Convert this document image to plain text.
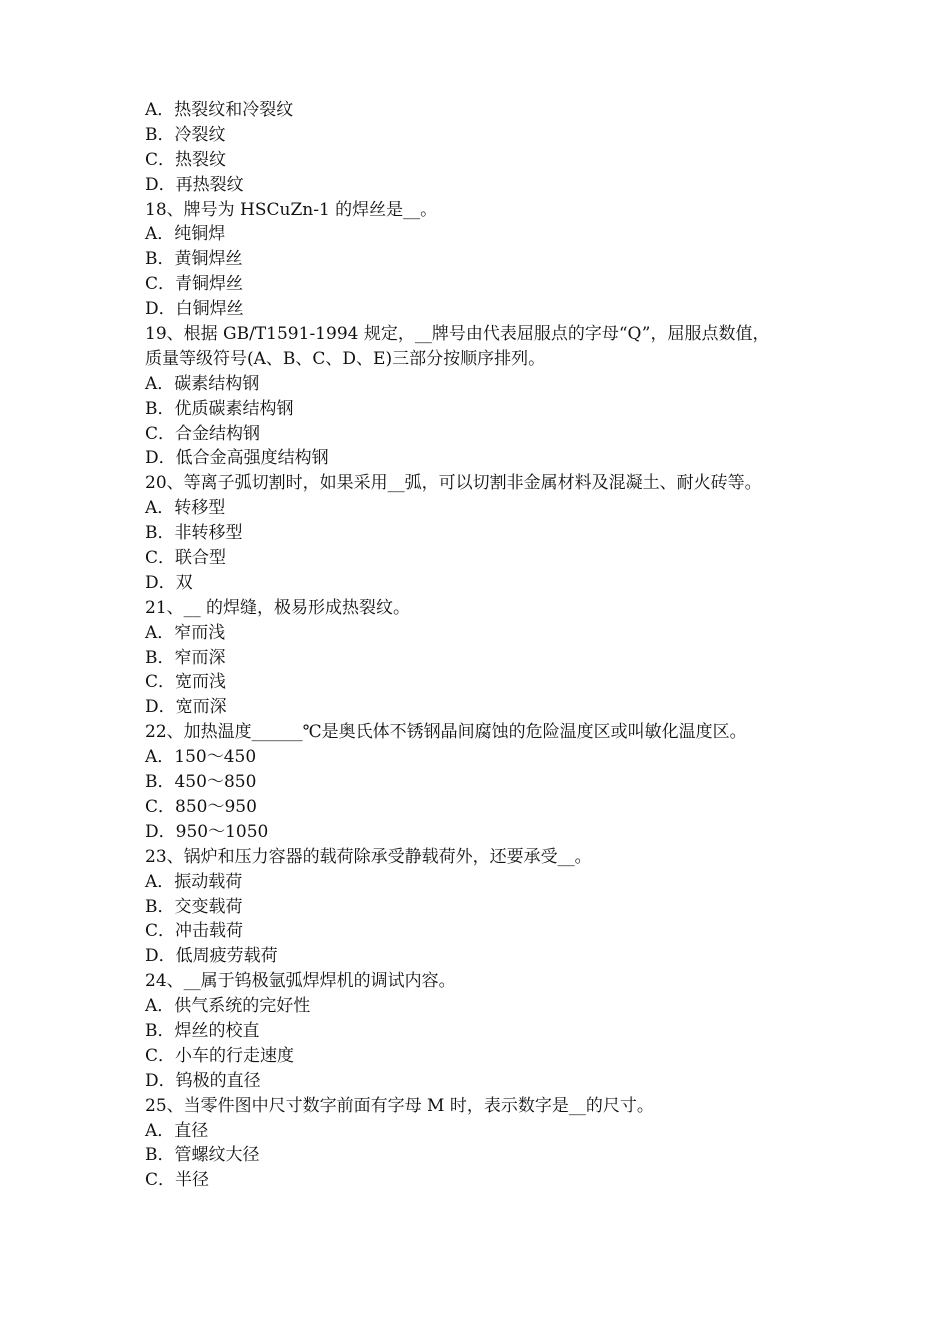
A．热裂纹和冷裂纹
B．冷裂纹
C．热裂纹
D．再热裂纹
18、牌号为 HSCuZn-1 的焊丝是__。
A．纯铜焊
B．黄铜焊丝
C．青铜焊丝
D．白铜焊丝
19、根据 GB/T1591-1994 规定，__牌号由代表屈服点的字母“Q”，屈服点数值，
质量等级符号(A、B、C、D、E)三部分按顺序排列。
A．碳素结构钢
B．优质碳素结构钢
C．合金结构钢
D．低合金高强度结构钢
20、等离子弧切割时，如果采用__弧，可以切割非金属材料及混凝土、耐火砖等。
A．转移型
B．非转移型
C．联合型
D．双
21、__ 的焊缝，极易形成热裂纹。
A．窄而浅
B．窄而深
C．宽而浅
D．宽而深
22、加热温度______℃是奥氏体不锈钢晶间腐蚀的危险温度区或叫敏化温度区。
A．150～450
B．450～850
C．850～950
D．950～1050
23、锅炉和压力容器的载荷除承受静载荷外，还要承受__。
A．振动载荷
B．交变载荷
C．冲击载荷
D．低周疲劳载荷
24、__属于钨极氩弧焊焊机的调试内容。
A．供气系统的完好性
B．焊丝的校直
C．小车的行走速度
D．钨极的直径
25、当零件图中尺寸数字前面有字母 M 时，表示数字是__的尺寸。
A．直径
B．管螺纹大径
C．半径
